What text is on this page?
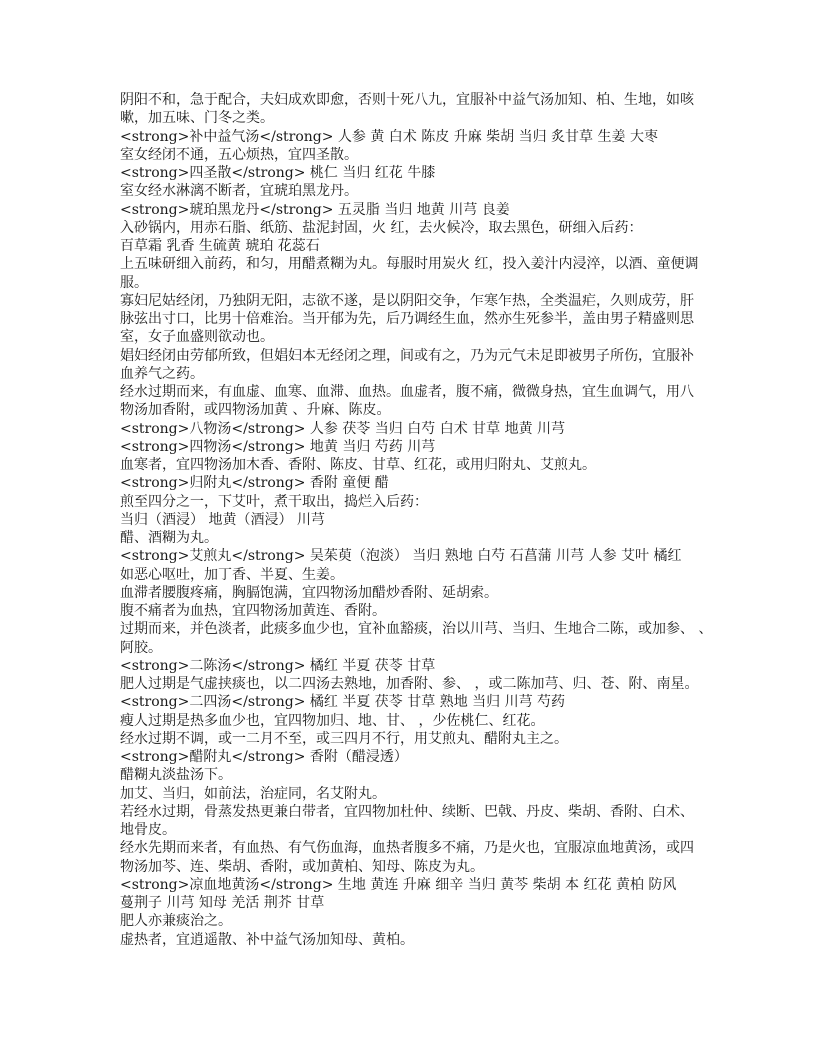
阴阳不和，急于配合，夫妇成欢即愈，否则十死八九，宜服补中益气汤加知、柏、生地，如咳
嗽，加五味、门冬之类。
<strong>补中益气汤</strong> 人参 黄 白术 陈皮 升麻 柴胡 当归 炙甘草 生姜 大枣
室女经闭不通，五心烦热，宜四圣散。
<strong>四圣散</strong> 桃仁 当归 红花 牛膝
室女经水淋漓不断者，宜琥珀黑龙丹。
<strong>琥珀黑龙丹</strong> 五灵脂 当归 地黄 川芎 良姜
入砂锅内，用赤石脂、纸筋、盐泥封固，火 红，去火候冷，取去黑色，研细入后药：
百草霜 乳香 生硫黄 琥珀 花蕊石
上五味研细入前药，和匀，用醋煮糊为丸。每服时用炭火 红，投入姜汁内浸淬，以酒、童便调
服。
寡妇尼姑经闭，乃独阴无阳，志欲不遂，是以阴阳交争，乍寒乍热，全类温疟，久则成劳，肝
脉弦出寸口，比男十倍难治。当开郁为先，后乃调经生血，然亦生死参半，盖由男子精盛则思
室，女子血盛则欲动也。
娼妇经闭由劳郁所致，但娼妇本无经闭之理，间或有之，乃为元气未足即被男子所伤，宜服补
血养气之药。
经水过期而来，有血虚、血寒、血滞、血热。血虚者，腹不痛，微微身热，宜生血调气，用八
物汤加香附，或四物汤加黄 、升麻、陈皮。
<strong>八物汤</strong> 人参 茯苓 当归 白芍 白术 甘草 地黄 川芎
<strong>四物汤</strong> 地黄 当归 芍药 川芎
血寒者，宜四物汤加木香、香附、陈皮、甘草、红花，或用归附丸、艾煎丸。
<strong>归附丸</strong> 香附 童便 醋
煎至四分之一，下艾叶，煮干取出，捣烂入后药：
当归（酒浸） 地黄（酒浸） 川芎
醋、酒糊为丸。
<strong>艾煎丸</strong> 吴茱萸（泡淡） 当归 熟地 白芍 石菖蒲 川芎 人参 艾叶 橘红
如恶心呕吐，加丁香、半夏、生姜。
血滞者腰腹疼痛，胸膈饱满，宜四物汤加醋炒香附、延胡索。
腹不痛者为血热，宜四物汤加黄连、香附。
过期而来，并色淡者，此痰多血少也，宜补血豁痰，治以川芎、当归、生地合二陈，或加参、 、
阿胶。
<strong>二陈汤</strong> 橘红 半夏 茯苓 甘草
肥人过期是气虚挟痰也，以二四汤去熟地，加香附、参、 ，或二陈加芎、归、苍、附、南星。
<strong>二四汤</strong> 橘红 半夏 茯苓 甘草 熟地 当归 川芎 芍药
瘦人过期是热多血少也，宜四物加归、地、甘、 ，少佐桃仁、红花。
经水过期不调，或一二月不至，或三四月不行，用艾煎丸、醋附丸主之。
<strong>醋附丸</strong> 香附（醋浸透）
醋糊丸淡盐汤下。
加艾、当归，如前法，治症同，名艾附丸。
若经水过期，骨蒸发热更兼白带者，宜四物加杜仲、续断、巴戟、丹皮、柴胡、香附、白术、
地骨皮。
经水先期而来者，有血热、有气伤血海，血热者腹多不痛，乃是火也，宜服凉血地黄汤，或四
物汤加芩、连、柴胡、香附，或加黄柏、知母、陈皮为丸。
<strong>凉血地黄汤</strong> 生地 黄连 升麻 细辛 当归 黄芩 柴胡 本 红花 黄柏 防风
蔓荆子 川芎 知母 羌活 荆芥 甘草
肥人亦兼痰治之。
虚热者，宜逍遥散、补中益气汤加知母、黄柏。
